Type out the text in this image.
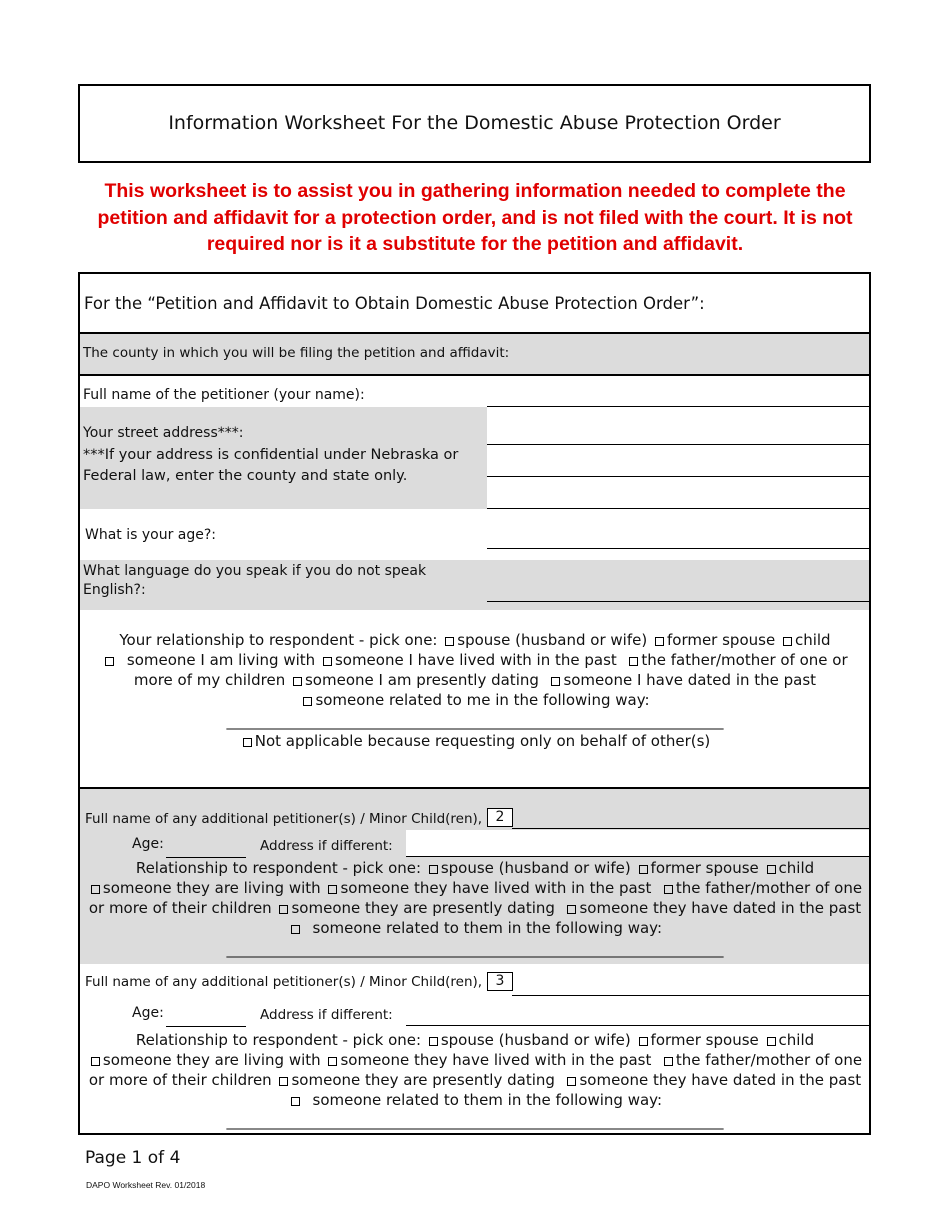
Information Worksheet For the Domestic Abuse Protection Order
This worksheet is to assist you in gathering information needed to complete the petition and affidavit for a protection order, and is not filed with the court. It is not required nor is it a substitute for the petition and affidavit.
For the “Petition and Affidavit to Obtain Domestic Abuse Protection Order”:
The county in which you will be filing the petition and affidavit:
Full name of the petitioner (your name):
Your street address***:
***If your address is confidential under Nebraska or Federal law, enter the county and state only.
What is your age?:
What language do you speak if you do not speak English?:
Your relationship to respondent - pick one: spouse (husband or wife) former spouse child
someone I am living with someone I have lived with in the past the father/mother of one or more of my children someone I am presently dating someone I have dated in the past
someone related to me in the following way:
_______________________________________________________________________
Not applicable because requesting only on behalf of other(s)
Full name of any additional petitioner(s) / Minor Child(ren), 2
Age:	Address if different:
Relationship to respondent - pick one: spouse (husband or wife) former spouse child
someone they are living with someone they have lived with in the past the father/mother of one or more of their children someone they are presently dating someone they have dated in the past
someone related to them in the following way:
_______________________________________________________________________
Full name of any additional petitioner(s) / Minor Child(ren), 3
Age:	Address if different:
Relationship to respondent - pick one: spouse (husband or wife) former spouse child
someone they are living with someone they have lived with in the past the father/mother of one or more of their children someone they are presently dating someone they have dated in the past
someone related to them in the following way:
_______________________________________________________________________
Page 1 of 4
DAPO Worksheet Rev. 01/2018
